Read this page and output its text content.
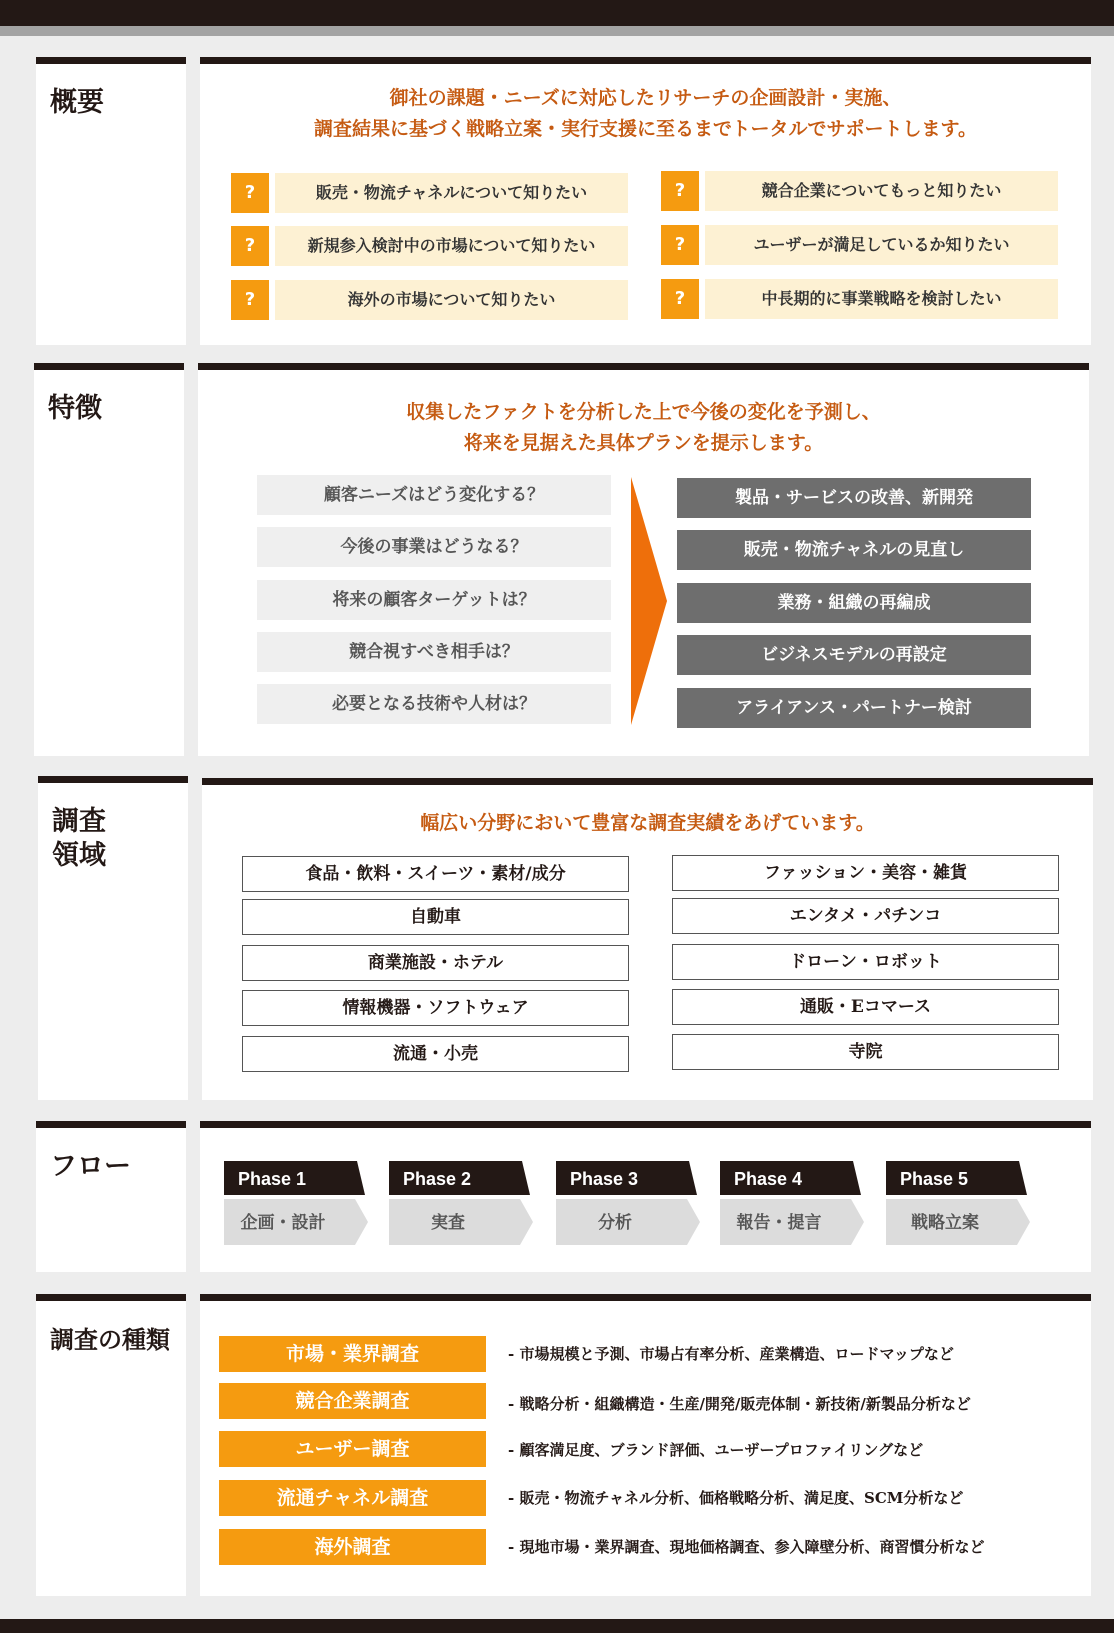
概要	御社の課題・ニーズに対応したリサーチの企画設計・実施、
調査結果に基づく戦略立案・実行支援に至るまでトータルでサポートします。
?	販売・物流チャネルについて知りたい
?	新規参入検討中の市場について知りたい
?	海外の市場について知りたい
?	競合企業についてもっと知りたい
?	ユーザーが満足しているか知りたい
?	中長期的に事業戦略を検討したい
特徴	収集したファクトを分析した上で今後の変化を予測し、
将来を見据えた具体プランを提示します。
顧客ニーズはどう変化する？
今後の事業はどうなる？
将来の顧客ターゲットは？
競合視すべき相手は？
必要となる技術や人材は？
製品・サービスの改善、新開発
販売・物流チャネルの見直し
業務・組織の再編成
ビジネスモデルの再設定
アライアンス・パートナー検討
調査
領域
幅広い分野において豊富な調査実績をあげています。
食品・飲料・スイーツ・素材/成分
自動車
商業施設・ホテル
情報機器・ソフトウェア
流通・小売
ファッション・美容・雑貨
エンタメ・パチンコ
ドローン・ロボット
通販・Eコマース
寺院
フロー	Phase 1
企画・設計
Phase 2
実査
Phase 3
分析
Phase 4
報告・提言
Phase 5
戦略立案
調査の種類	市場・業界調査	- 市場規模と予測、市場占有率分析、産業構造、ロードマップなど
競合企業調査	- 戦略分析・組織構造・生産/開発/販売体制・新技術/新製品分析など
ユーザー調査	- 顧客満足度、ブランド評価、ユーザープロファイリングなど
流通チャネル調査	- 販売・物流チャネル分析、価格戦略分析、満足度、SCM分析など
海外調査	- 現地市場・業界調査、現地価格調査、参入障壁分析、商習慣分析など
